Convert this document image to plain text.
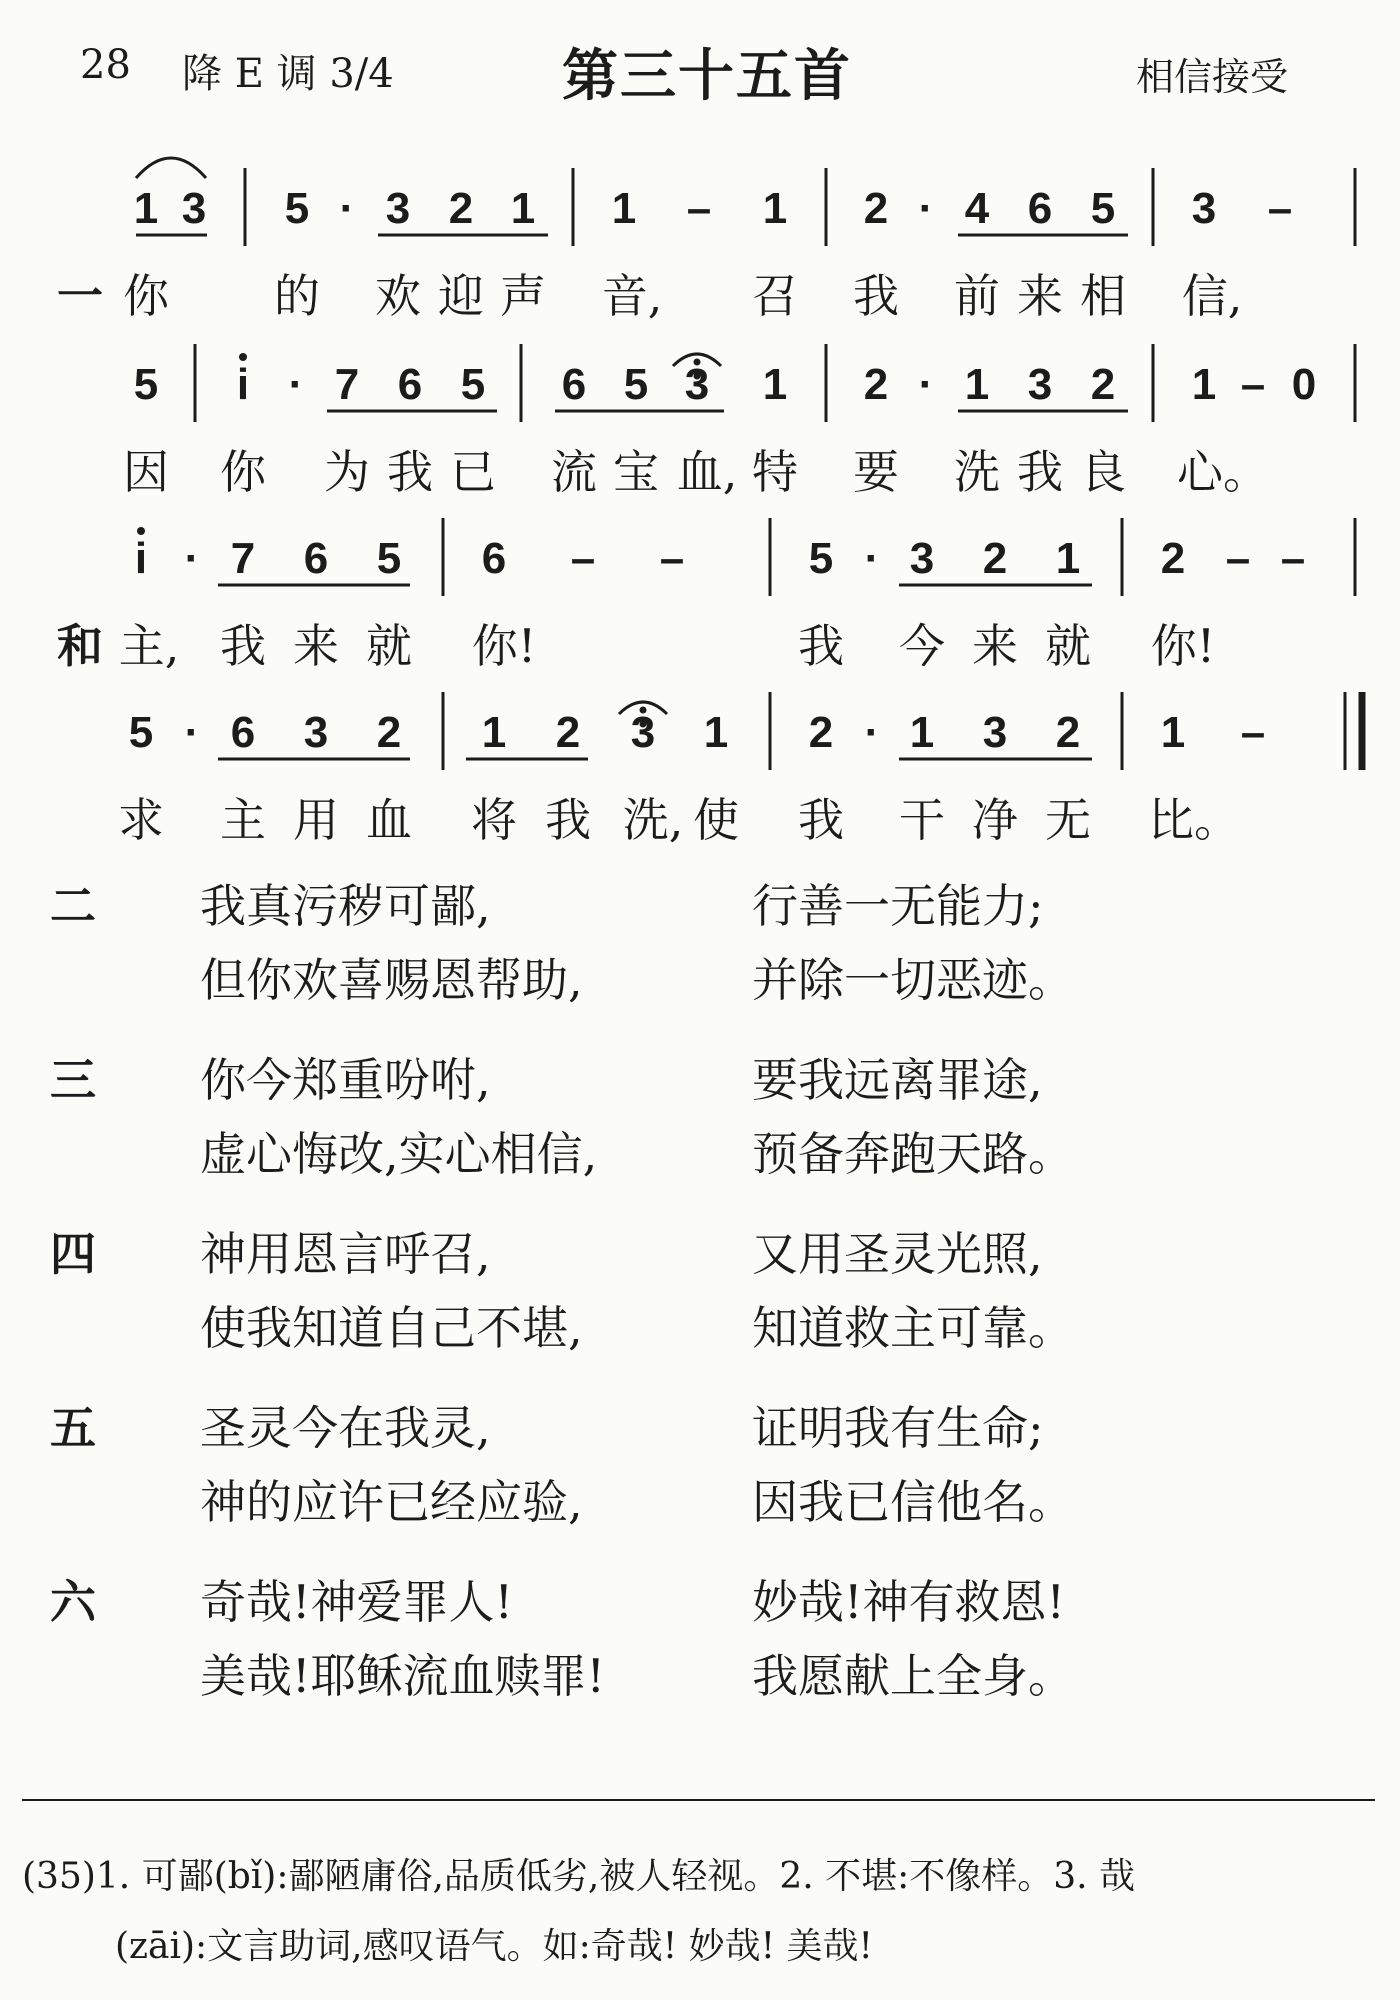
28 降 E 调 3/4	第三十五首	相信接受
1 3	5 · 3 2 1	1	–	1	2 · 4 6 5	3	–
一 你 的 欢 迎 声 音, 召 我 前 来 相 信,
5	i · 7 6 5	6 5 3	1	2 · 1 3 2	1 – 0
因 你 为 我 已 流 宝 血, 特 要 洗 我 良 心。
i · 7	6	5	6	–	–	5 · 3	2	1	2 – –
和 主, 我 来 就 你!	我 今 来 就 你!
5 · 6	3	2	1	2	3	1	2 · 1	3	2	1	–
求 主 用 血 将 我 洗, 使 我 干 净 无 比。
二 我真污秽可鄙,	行善一无能力;
但你欢喜赐恩帮助,	并除一切恶迹。
三 你今郑重吩咐,	要我远离罪途,
虚心悔改,实心相信,	预备奔跑天路。
四 神用恩言呼召,	又用圣灵光照,
使我知道自己不堪,	知道救主可靠。
五 圣灵今在我灵,	证明我有生命;
神的应许已经应验,	因我已信他名。
六 奇哉!神爱罪人!	妙哉!神有救恩!
美哉!耶稣流血赎罪!	我愿献上全身。
(35)1. 可鄙(bǐ):鄙陋庸俗,品质低劣,被人轻视。2. 不堪:不像样。3. 哉
(zāi):文言助词,感叹语气。如:奇哉! 妙哉! 美哉!
